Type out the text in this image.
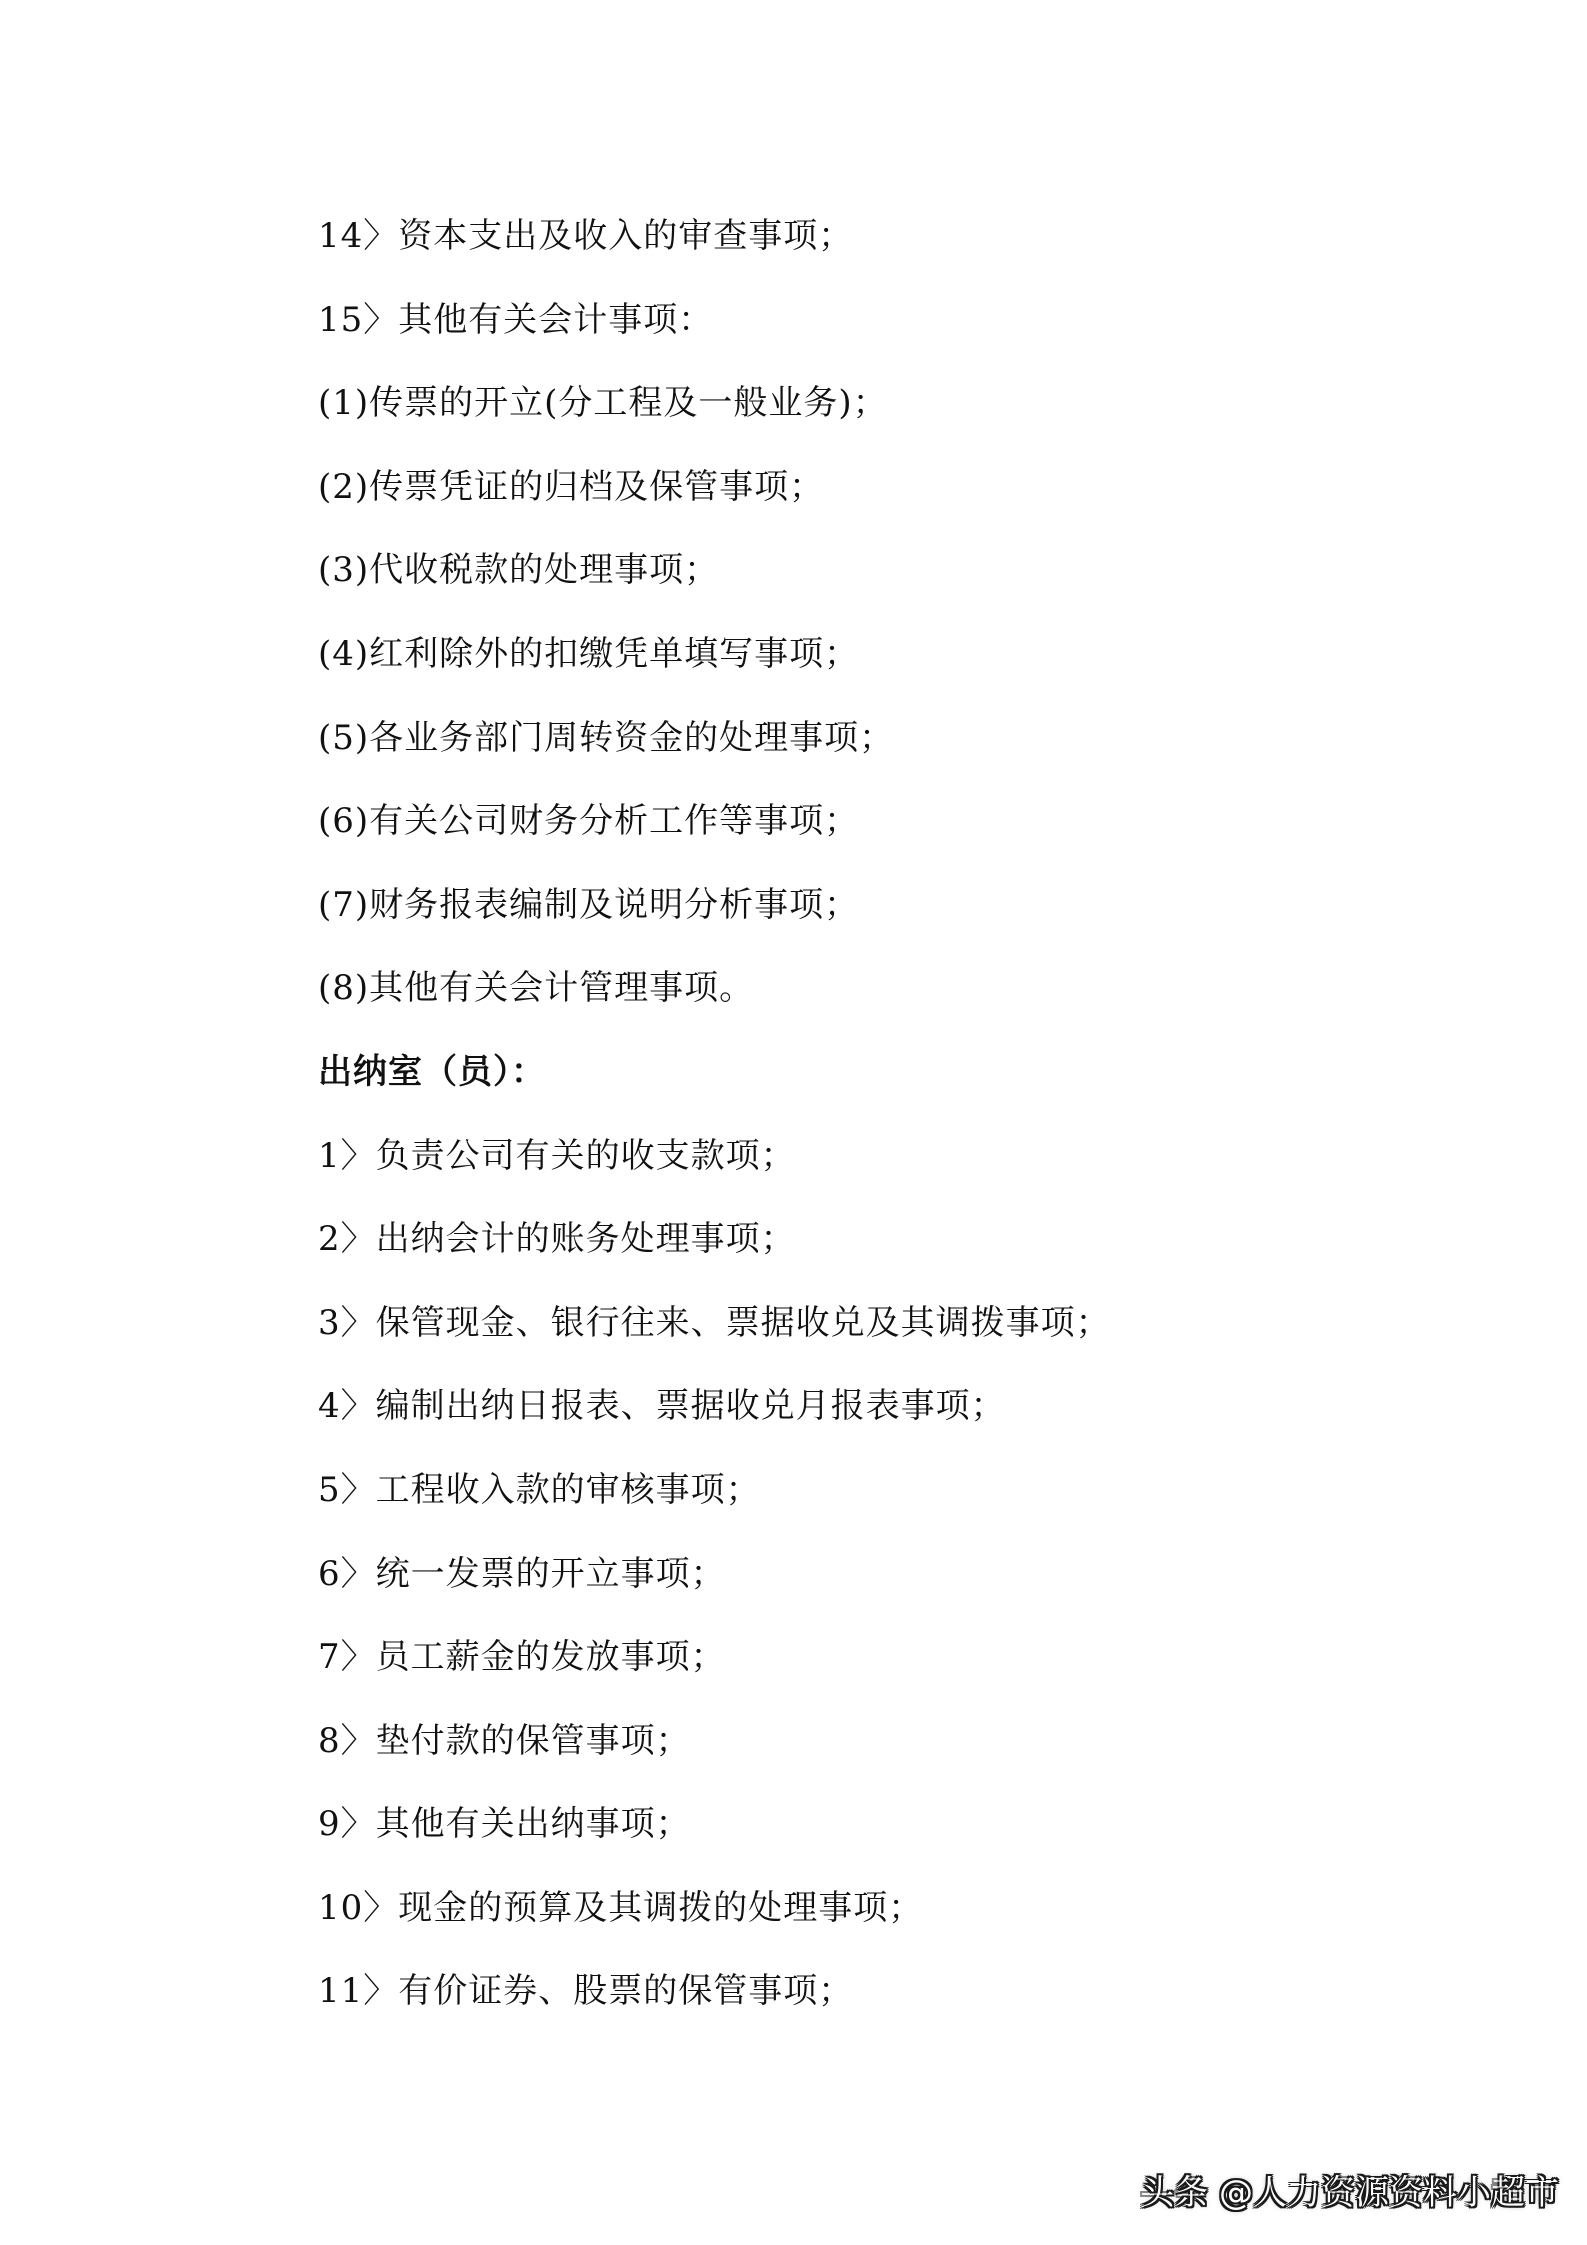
14〉资本支出及收入的审查事项；
15〉其他有关会计事项：
(1)传票的开立(分工程及一般业务)；
(2)传票凭证的归档及保管事项；
(3)代收税款的处理事项；
(4)红利除外的扣缴凭单填写事项；
(5)各业务部门周转资金的处理事项；
(6)有关公司财务分析工作等事项；
(7)财务报表编制及说明分析事项；
(8)其他有关会计管理事项。
出纳室（员）：
1〉负责公司有关的收支款项；
2〉出纳会计的账务处理事项；
3〉保管现金、银行往来、票据收兑及其调拨事项；
4〉编制出纳日报表、票据收兑月报表事项；
5〉工程收入款的审核事项；
6〉统一发票的开立事项；
7〉员工薪金的发放事项；
8〉垫付款的保管事项；
9〉其他有关出纳事项；
10〉现金的预算及其调拨的处理事项；
11〉有价证券、股票的保管事项；
头条 @人力资源资料小超市
